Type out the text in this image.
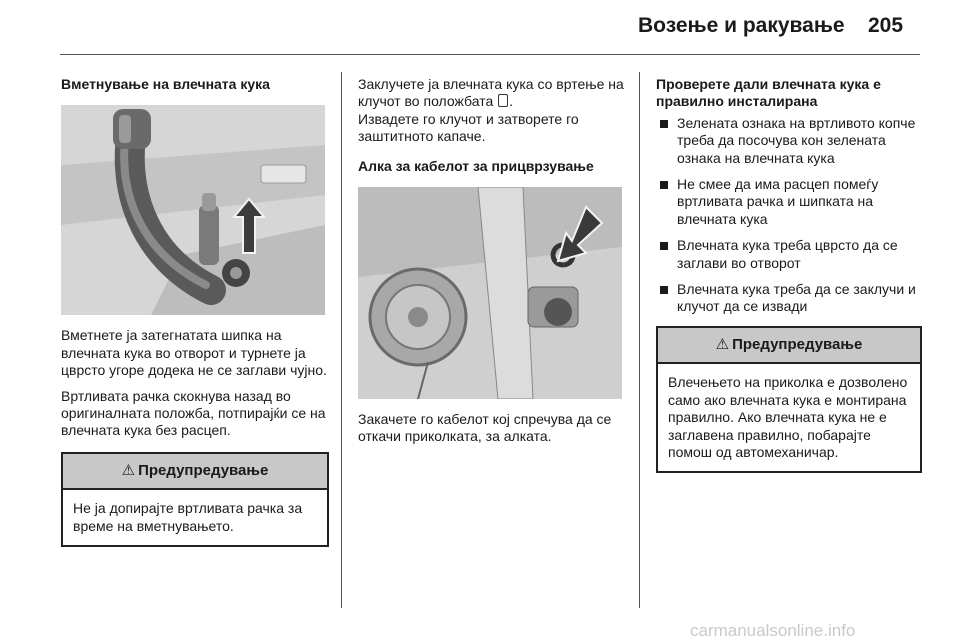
Возење и ракување 205

Вметнување на влечната кука

Вметнете ја затегнатата шипка на влечната кука во отворот и турнете ја цврсто угоре додека не се заглави чујно.

Вртливата рачка скокнува назад во оригиналната положба, потпирајќи се на влечната кука без расцеп.

⚠ Предупредување
Не ја допирајте вртливата рачка за време на вметнувањето.

Заклучете ја влечната кука со вртење на клучот во положбата .

Извадете го клучот и затворете го заштитното капаче.

Алка за кабелот за прицврзување

Закачете го кабелот кој спречува да се откачи приколката, за алката.

Проверете дали влечната кука е правилно инсталирана

Зелената ознака на вртливото копче треба да посочува кон зелената ознака на влечната кука
Не смее да има расцеп помеѓу вртливата рачка и шипката на влечната кука
Влечната кука треба цврсто да се заглави во отворот
Влечната кука треба да се заклучи и клучот да се извади
⚠ Предупредување
Влечењето на приколка е дозволено само ако влечната кука е монтирана правилно. Ако влечната кука не е заглавена правилно, побарајте помош од автомеханичар.
carmanualsonline.info
